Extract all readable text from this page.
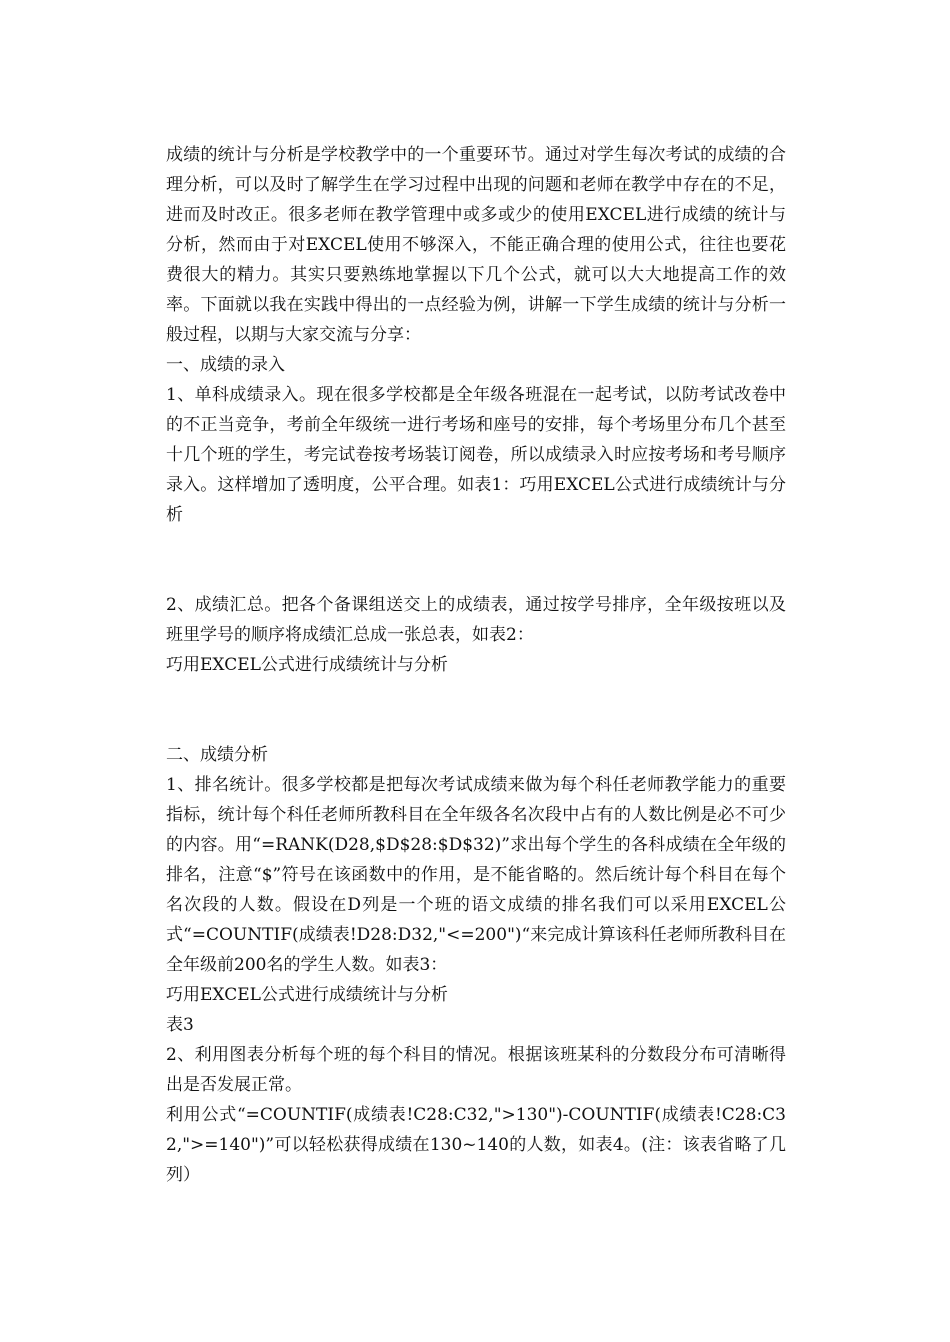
成绩的统计与分析是学校教学中的一个重要环节。通过对学生每次考试的成绩的合理分析，可以及时了解学生在学习过程中出现的问题和老师在教学中存在的不足，进而及时改正。很多老师在教学管理中或多或少的使用EXCEL进行成绩的统计与分析，然而由于对EXCEL使用不够深入，不能正确合理的使用公式，往往也要花费很大的精力。其实只要熟练地掌握以下几个公式，就可以大大地提高工作的效率。下面就以我在实践中得出的一点经验为例，讲解一下学生成绩的统计与分析一般过程，以期与大家交流与分享：

一、成绩的录入

1、单科成绩录入。现在很多学校都是全年级各班混在一起考试，以防考试改卷中的不正当竞争，考前全年级统一进行考场和座号的安排，每个考场里分布几个甚至十几个班的学生，考完试卷按考场装订阅卷，所以成绩录入时应按考场和考号顺序录入。这样增加了透明度，公平合理。如表1：巧用EXCEL公式进行成绩统计与分析

2、成绩汇总。把各个备课组送交上的成绩表，通过按学号排序，全年级按班以及班里学号的顺序将成绩汇总成一张总表，如表2：

巧用EXCEL公式进行成绩统计与分析

二、成绩分析

1、排名统计。很多学校都是把每次考试成绩来做为每个科任老师教学能力的重要指标，统计每个科任老师所教科目在全年级各名次段中占有的人数比例是必不可少的内容。用“=RANK(D28,$D$28:$D$32)”求出每个学生的各科成绩在全年级的排名，注意“$”符号在该函数中的作用，是不能省略的。然后统计每个科目在每个名次段的人数。假设在D列是一个班的语文成绩的排名我们可以采用EXCEL公式“=COUNTIF(成绩表!D28:D32,"<=200")“来完成计算该科任老师所教科目在全年级前200名的学生人数。如表3：

巧用EXCEL公式进行成绩统计与分析

表3

2、利用图表分析每个班的每个科目的情况。根据该班某科的分数段分布可清晰得出是否发展正常。

利用公式“=COUNTIF(成绩表!C28:C32,">130")-COUNTIF(成绩表!C28:C32,">=140")”可以轻松获得成绩在130~140的人数，如表4。(注：该表省略了几列）
